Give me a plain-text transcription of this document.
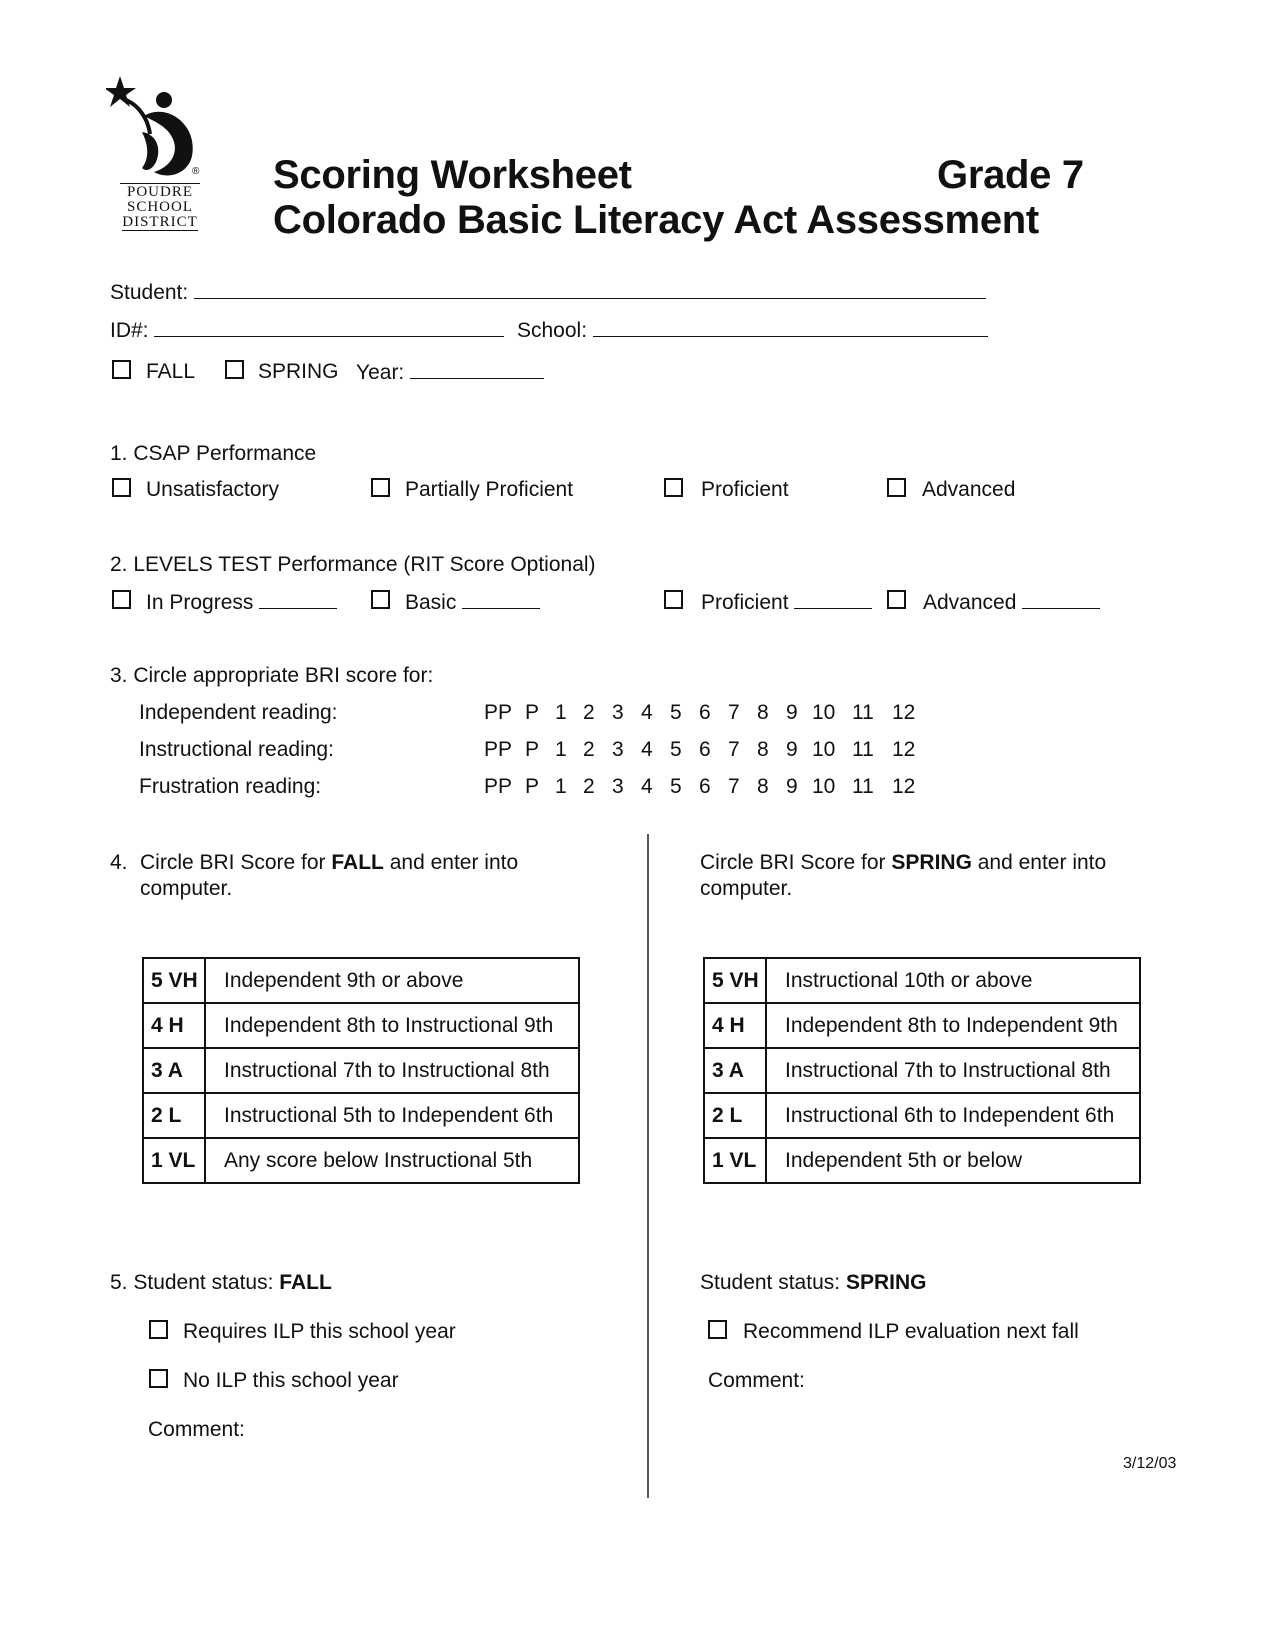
®
POUDRE
SCHOOL
DISTRICT
Scoring Worksheet	Grade 7
Colorado Basic Literacy Act Assessment
Student:
ID#:	School:
FALL	SPRING Year:
1. CSAP Performance
Unsatisfactory	Partially Proficient	Proficient	Advanced
2. LEVELS TEST Performance (RIT Score Optional)
In Progress	Basic	Proficient	Advanced
3. Circle appropriate BRI score for:
Independent reading:	PP P 1 2 3 4 5 6 7 8 9 10 11 12
Instructional reading:	PP P 1 2 3 4 5 6 7 8 9 10 11 12
Frustration reading:	PP P 1 2 3 4 5 6 7 8 9 10 11 12
4. Circle BRI Score for FALL and enter into
computer.
Circle BRI Score for SPRING and enter into
computer.
5 VH	Independent 9th or above
4 H	Independent 8th to Instructional 9th
3 A	Instructional 7th to Instructional 8th
2 L	Instructional 5th to Independent 6th
1 VL	Any score below Instructional 5th
5 VH	Instructional 10th or above
4 H	Independent 8th to Independent 9th
3 A	Instructional 7th to Instructional 8th
2 L	Instructional 6th to Independent 6th
1 VL	Independent 5th or below
5. Student status: FALL
Requires ILP this school year
No ILP this school year
Comment:
Student status: SPRING
Recommend ILP evaluation next fall
Comment:
3/12/03
